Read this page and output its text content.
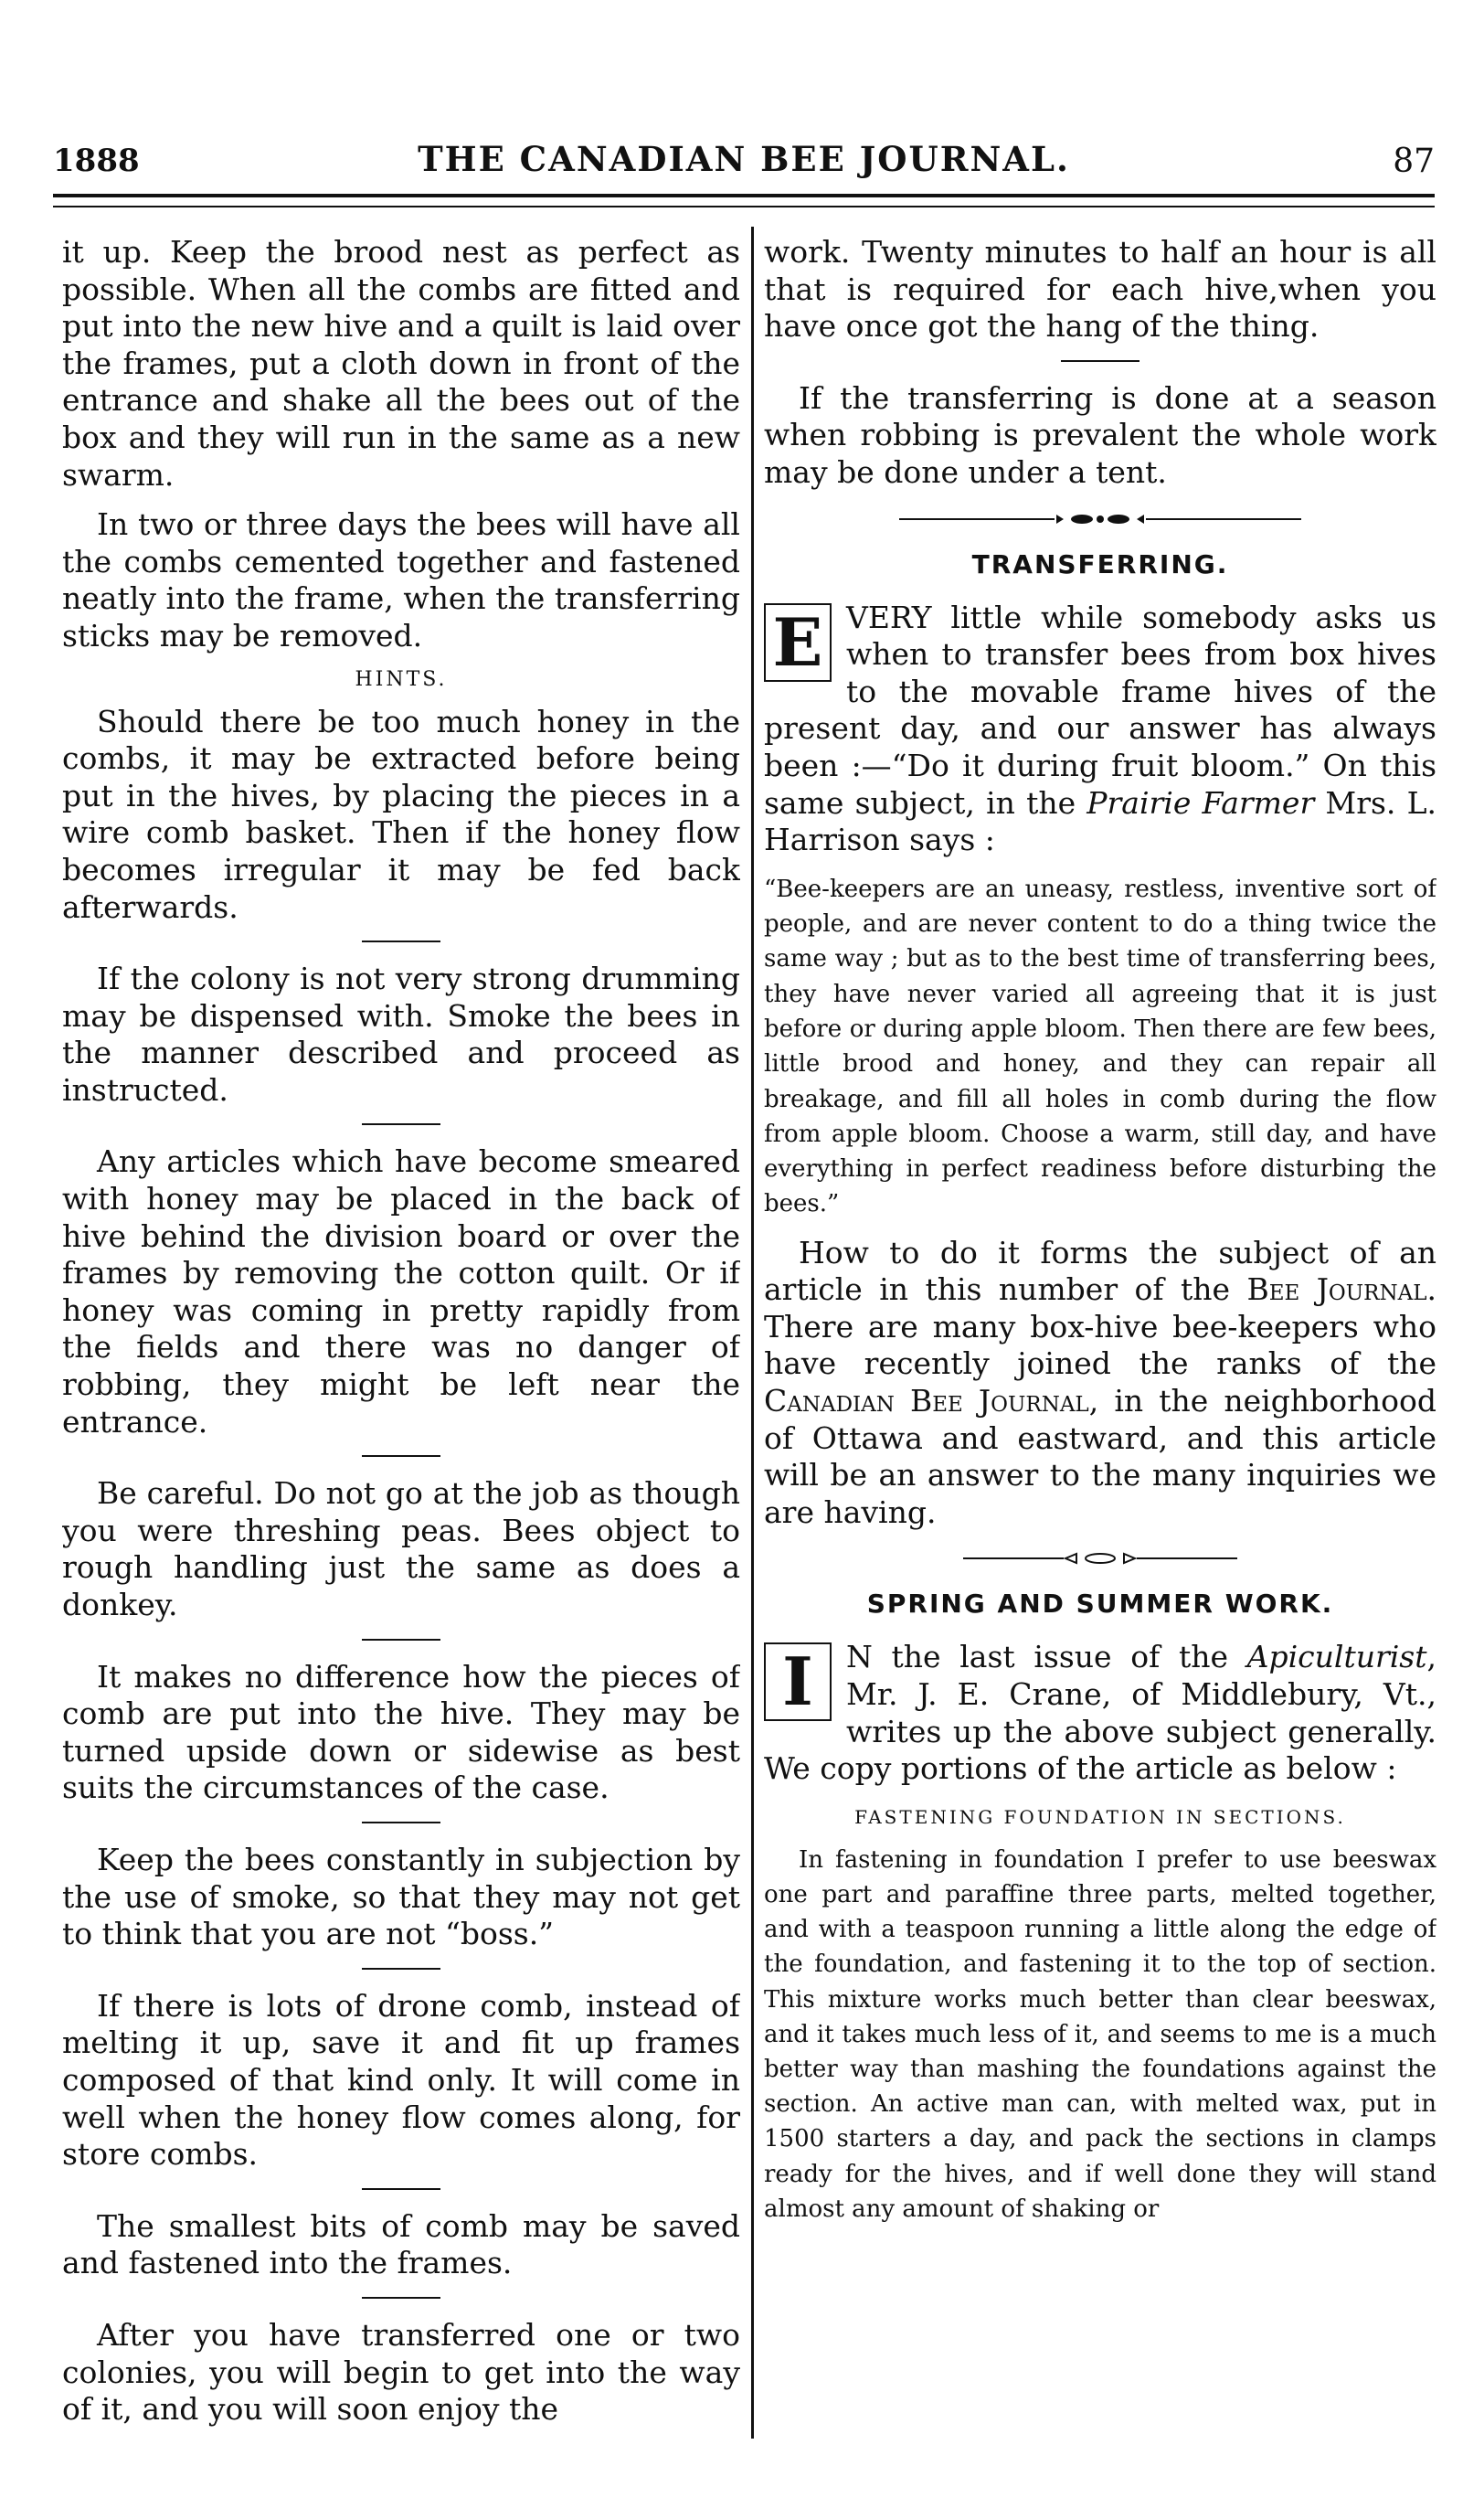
1888	THE CANADIAN BEE JOURNAL.	87

it up. Keep the brood nest as perfect as possible. When all the combs are fitted and put into the new hive and a quilt is laid over the frames, put a cloth down in front of the entrance and shake all the bees out of the box and they will run in the same as a new swarm.

In two or three days the bees will have all the combs cemented together and fastened neatly into the frame, when the transferring sticks may be removed.

HINTS.

Should there be too much honey in the combs, it may be extracted before being put in the hives, by placing the pieces in a wire comb basket. Then if the honey flow becomes irregular it may be fed back afterwards.

If the colony is not very strong drumming may be dispensed with. Smoke the bees in the manner described and proceed as instructed.

Any articles which have become smeared with honey may be placed in the back of hive behind the division board or over the frames by removing the cotton quilt. Or if honey was coming in pretty rapidly from the fields and there was no danger of robbing, they might be left near the entrance.

Be careful. Do not go at the job as though you were threshing peas. Bees object to rough handling just the same as does a donkey.

It makes no difference how the pieces of comb are put into the hive. They may be turned upside down or sidewise as best suits the circumstances of the case.

Keep the bees constantly in subjection by the use of smoke, so that they may not get to think that you are not “boss.”

If there is lots of drone comb, instead of melting it up, save it and fit up frames composed of that kind only. It will come in well when the honey flow comes along, for store combs.

The smallest bits of comb may be saved and fastened into the frames.

After you have transferred one or two colonies, you will begin to get into the way of it, and you will soon enjoy the

work. Twenty minutes to half an hour is all that is required for each hive,when you have once got the hang of the thing.

If the transferring is done at a season when robbing is prevalent the whole work may be done under a tent.

TRANSFERRING.

E VERY little while somebody asks us when to transfer bees from box hives to the movable frame hives of the present day, and our answer has always been :—“Do it during fruit bloom.” On this same subject, in the Prairie Farmer Mrs. L. Harrison says :

“Bee-keepers are an uneasy, restless, inventive sort of people, and are never content to do a thing twice the same way ; but as to the best time of transferring bees, they have never varied all agreeing that it is just before or during apple bloom. Then there are few bees, little brood and honey, and they can repair all breakage, and fill all holes in comb during the flow from apple bloom. Choose a warm, still day, and have everything in perfect readiness before disturbing the bees.”

How to do it forms the subject of an article in this number of the Bee Journal. There are many box-hive bee-keepers who have recently joined the ranks of the Canadian Bee Journal, in the neighborhood of Ottawa and eastward, and this article will be an answer to the many inquiries we are having.

SPRING AND SUMMER WORK.

I	N the last issue of the Apiculturist, Mr. J. E. Crane, of Middlebury, Vt., writes up the above subject generally. We copy portions of the article as below :

FASTENING FOUNDATION IN SECTIONS.

In fastening in foundation I prefer to use beeswax one part and paraffine three parts, melted together, and with a teaspoon running a little along the edge of the foundation, and fastening it to the top of section. This mixture works much better than clear beeswax, and it takes much less of it, and seems to me is a much better way than mashing the foundations against the section. An active man can, with melted wax, put in 1500 starters a day, and pack the sections in clamps ready for the hives, and if well done they will stand almost any amount of shaking or
